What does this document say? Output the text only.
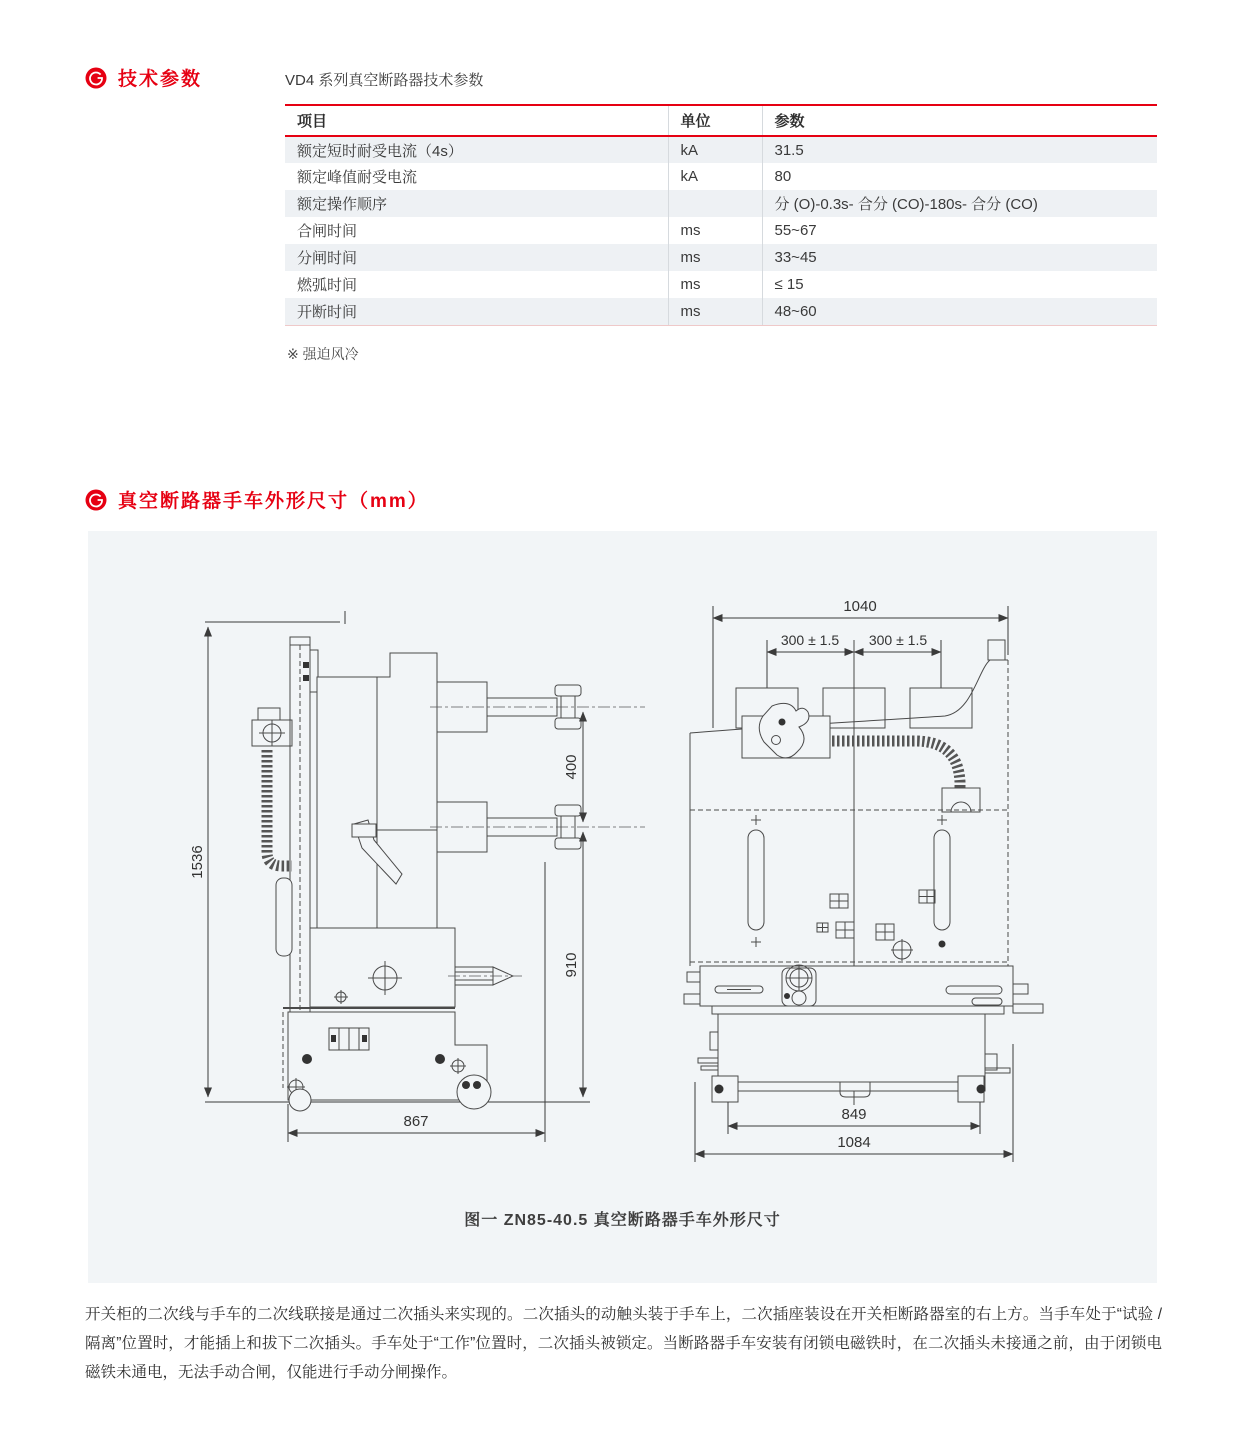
技术参数	VD4 系列真空断路器技术参数
项目	单位	参数
额定短时耐受电流（4s）	kA	31.5
额定峰值耐受电流	kA	80
额定操作顺序		分 (O)-0.3s- 合分 (CO)-180s- 合分 (CO)
合闸时间	ms	55~67
分闸时间	ms	33~45
燃弧时间	ms	≤ 15
开断时间	ms	48~60
※ 强迫风冷
真空断路器手车外形尺寸（mm）
1536
400
910
867
1040
300 ± 1.5 300 ± 1.5
849
1084
图一 ZN85-40.5 真空断路器手车外形尺寸
开关柜的二次线与手车的二次线联接是通过二次插头来实现的。二次插头的动触头装于手车上，二次插座装设在开关柜断路器室的右上方。当手车处于“试验 / 隔离”位置时，才能插上和拔下二次插头。手车处于“工作”位置时，二次插头被锁定。当断路器手车安装有闭锁电磁铁时，在二次插头未接通之前，由于闭锁电磁铁未通电，无法手动合闸，仅能进行手动分闸操作。
